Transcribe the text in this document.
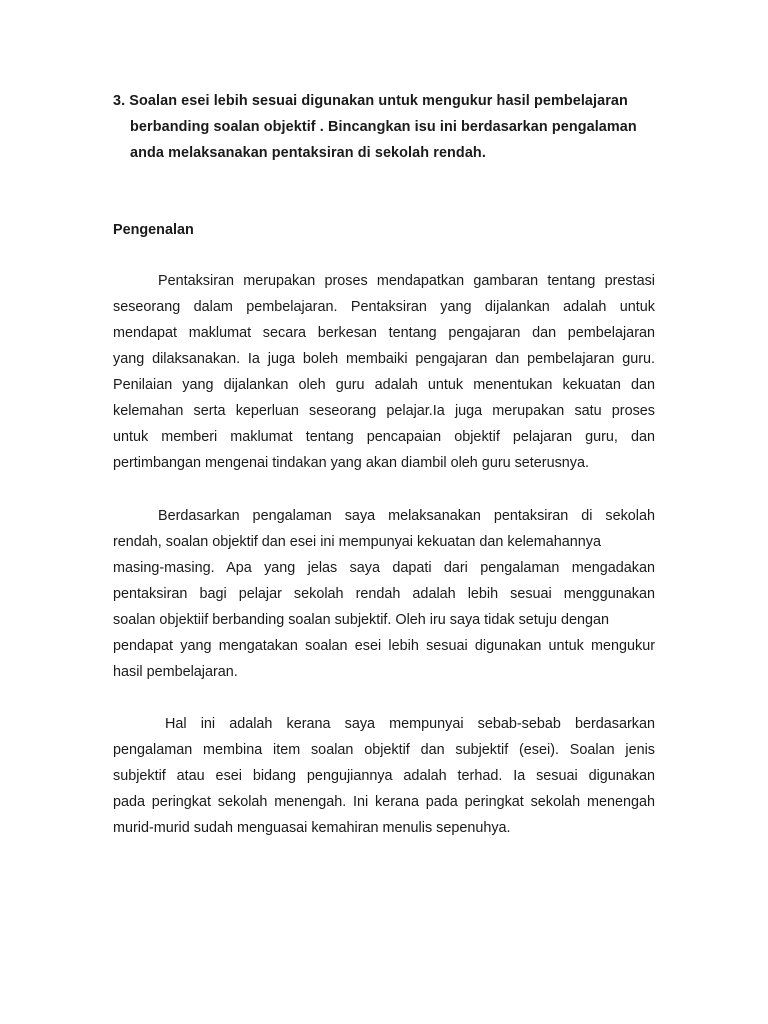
3. Soalan esei lebih sesuai digunakan untuk mengukur hasil pembelajaran
berbanding soalan objektif . Bincangkan isu ini berdasarkan pengalaman
anda melaksanakan pentaksiran di sekolah rendah.
Pengenalan
Pentaksiran merupakan proses mendapatkan gambaran tentang prestasi
seseorang dalam pembelajaran. Pentaksiran yang dijalankan adalah untuk
mendapat maklumat secara berkesan tentang pengajaran dan pembelajaran
yang dilaksanakan. Ia juga boleh membaiki pengajaran dan pembelajaran guru.
Penilaian yang dijalankan oleh guru adalah untuk menentukan kekuatan dan
kelemahan serta keperluan seseorang pelajar.Ia juga merupakan satu proses
untuk memberi maklumat tentang pencapaian objektif pelajaran guru, dan
pertimbangan mengenai tindakan yang akan diambil oleh guru seterusnya.
Berdasarkan pengalaman saya melaksanakan pentaksiran di sekolah
rendah, soalan objektif dan esei ini mempunyai kekuatan dan kelemahannya
masing-masing. Apa yang jelas saya dapati dari pengalaman mengadakan
pentaksiran bagi pelajar sekolah rendah adalah lebih sesuai menggunakan
soalan objektiif berbanding soalan subjektif. Oleh iru saya tidak setuju dengan
pendapat yang mengatakan soalan esei lebih sesuai digunakan untuk mengukur
hasil pembelajaran.
Hal ini adalah kerana saya mempunyai sebab-sebab berdasarkan
pengalaman membina item soalan objektif dan subjektif (esei). Soalan jenis
subjektif atau esei bidang pengujiannya adalah terhad. Ia sesuai digunakan
pada peringkat sekolah menengah. Ini kerana pada peringkat sekolah menengah
murid-murid sudah menguasai kemahiran menulis sepenuhya.
